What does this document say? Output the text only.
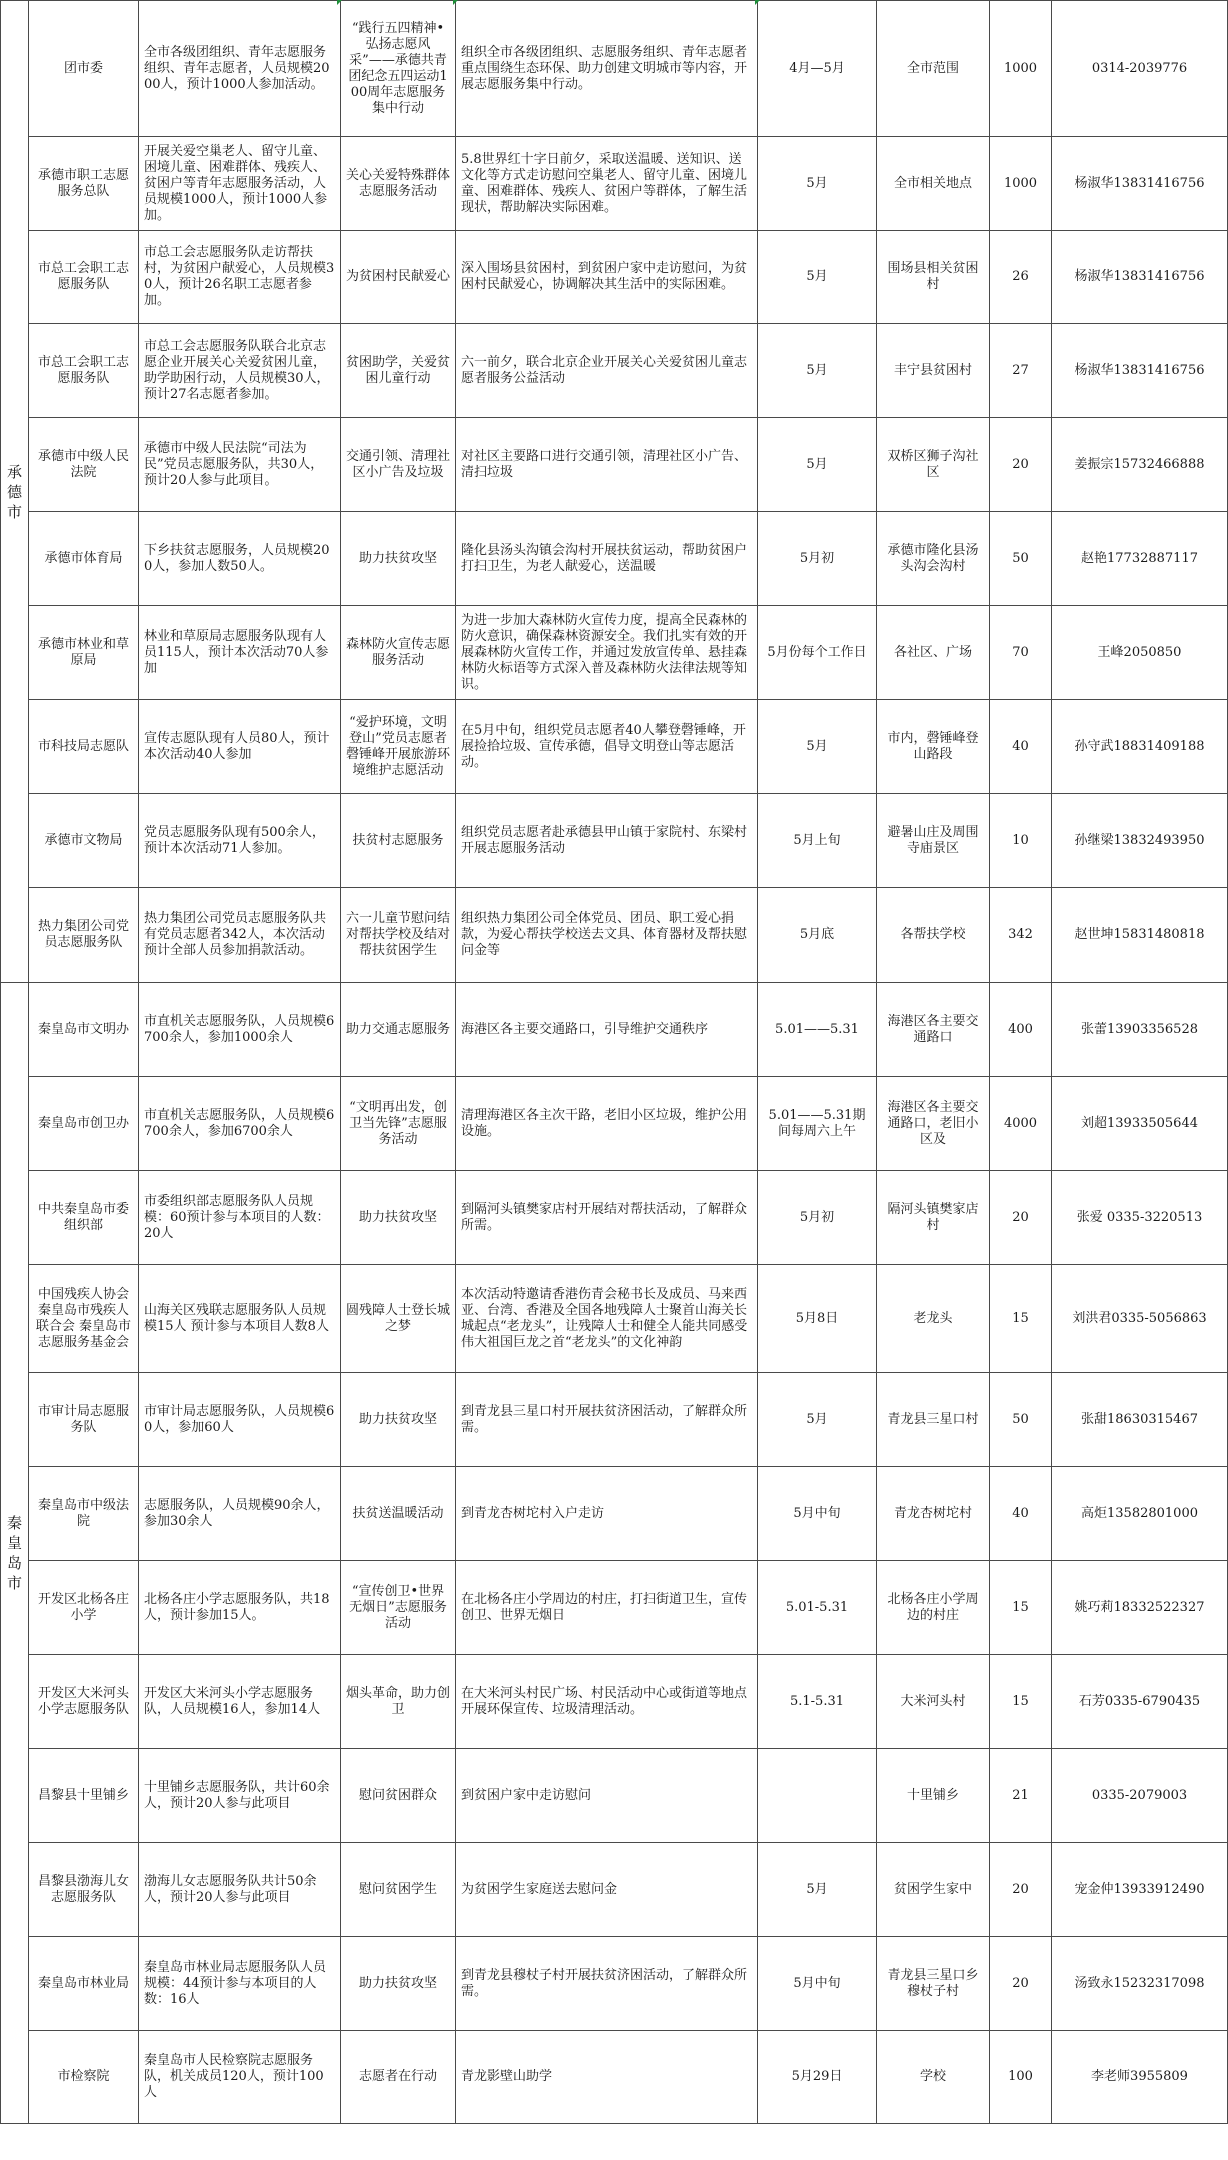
承德市	团市委	全市各级团组织、青年志愿服务组织、青年志愿者，人员规模2000人，预计1000人参加活动。	“践行五四精神•弘扬志愿风采”——承德共青团纪念五四运动100周年志愿服务集中行动	组织全市各级团组织、志愿服务组织、青年志愿者重点围绕生态环保、助力创建文明城市等内容，开展志愿服务集中行动。	4月—5月	全市范围	1000	0314-2039776

	承德市职工志愿服务总队	开展关爱空巢老人、留守儿童、困境儿童、困难群体、残疾人、贫困户等青年志愿服务活动，人员规模1000人，预计1000人参加。	关心关爱特殊群体志愿服务活动	5.8世界红十字日前夕，采取送温暖、送知识、送文化等方式走访慰问空巢老人、留守儿童、困境儿童、困难群体、残疾人、贫困户等群体，了解生活现状，帮助解决实际困难。	5月	全市相关地点	1000	杨淑华13831416756

	市总工会职工志愿服务队	市总工会志愿服务队走访帮扶村，为贫困户献爱心，人员规模30人，预计26名职工志愿者参加。	为贫困村民献爱心	深入围场县贫困村，到贫困户家中走访慰问，为贫困村民献爱心，协调解决其生活中的实际困难。	5月	围场县相关贫困村	26	杨淑华13831416756

	市总工会职工志愿服务队	市总工会志愿服务队联合北京志愿企业开展关心关爱贫困儿童，助学助困行动，人员规模30人，预计27名志愿者参加。	贫困助学，关爱贫困儿童行动	六一前夕，联合北京企业开展关心关爱贫困儿童志愿者服务公益活动	5月	丰宁县贫困村	27	杨淑华13831416756

	承德市中级人民法院	承德市中级人民法院“司法为民”党员志愿服务队，共30人，预计20人参与此项目。	交通引领、清理社区小广告及垃圾	对社区主要路口进行交通引领，清理社区小广告、清扫垃圾	5月	双桥区狮子沟社区	20	姜振宗15732466888

	承德市体育局	下乡扶贫志愿服务，人员规模200人，参加人数50人。	助力扶贫攻坚	隆化县汤头沟镇会沟村开展扶贫运动，帮助贫困户打扫卫生，为老人献爱心，送温暖	5月初	承德市隆化县汤头沟会沟村	50	赵艳17732887117

	承德市林业和草原局	林业和草原局志愿服务队现有人员115人，预计本次活动70人参加	森林防火宣传志愿服务活动	为进一步加大森林防火宣传力度，提高全民森林的防火意识，确保森林资源安全。我们扎实有效的开展森林防火宣传工作，并通过发放宣传单、悬挂森林防火标语等方式深入普及森林防火法律法规等知识。	5月份每个工作日	各社区、广场	70	王峰2050850

	市科技局志愿队	宣传志愿队现有人员80人，预计本次活动40人参加	“爱护环境，文明登山”党员志愿者磬锤峰开展旅游环境维护志愿活动	在5月中旬，组织党员志愿者40人攀登磬锤峰，开展捡拾垃圾、宣传承德，倡导文明登山等志愿活动。	5月	市内，磬锤峰登山路段	40	孙守武18831409188

	承德市文物局	党员志愿服务队现有500余人，预计本次活动71人参加。	扶贫村志愿服务	组织党员志愿者赴承德县甲山镇于家院村、东梁村开展志愿服务活动	5月上旬	避暑山庄及周围寺庙景区	10	孙继梁13832493950

	热力集团公司党员志愿服务队	热力集团公司党员志愿服务队共有党员志愿者342人，本次活动预计全部人员参加捐款活动。	六一儿童节慰问结对帮扶学校及结对帮扶贫困学生	组织热力集团公司全体党员、团员、职工爱心捐款，为爱心帮扶学校送去文具、体育器材及帮扶慰问金等	5月底	各帮扶学校	342	赵世坤15831480818

秦皇岛市	秦皇岛市文明办	市直机关志愿服务队，人员规模6700余人，参加1000余人	助力交通志愿服务	海港区各主要交通路口，引导维护交通秩序	5.01——5.31	海港区各主要交通路口	400	张蕾13903356528

	秦皇岛市创卫办	市直机关志愿服务队，人员规模6700余人，参加6700余人	“文明再出发，创卫当先锋”志愿服务活动	清理海港区各主次干路，老旧小区垃圾，维护公用设施。	5.01——5.31期间每周六上午	海港区各主要交通路口，老旧小区及	4000	刘超13933505644

	中共秦皇岛市委组织部	市委组织部志愿服务队人员规模：60预计参与本项目的人数：20人	助力扶贫攻坚	到隔河头镇樊家店村开展结对帮扶活动，了解群众所需。	5月初	隔河头镇樊家店村	20	张爱 0335-3220513

	中国残疾人协会 秦皇岛市残疾人联合会 秦皇岛市志愿服务基金会	山海关区残联志愿服务队人员规模15人 预计参与本项目人数8人	圆残障人士登长城之梦	本次活动特邀请香港伤青会秘书长及成员、马来西亚、台湾、香港及全国各地残障人士聚首山海关长城起点“老龙头”，让残障人士和健全人能共同感受伟大祖国巨龙之首“老龙头”的文化神韵	5月8日	老龙头	15	刘洪君0335-5056863

	市审计局志愿服务队	市审计局志愿服务队，人员规模60人，参加60人	助力扶贫攻坚	到青龙县三星口村开展扶贫济困活动，了解群众所需。	5月	青龙县三星口村	50	张甜18630315467

	秦皇岛市中级法院	志愿服务队，人员规模90余人，参加30余人	扶贫送温暖活动	到青龙杏树坨村入户走访	5月中旬	青龙杏树坨村	40	高炬13582801000

	开发区北杨各庄小学	北杨各庄小学志愿服务队，共18人，预计参加15人。	“宣传创卫•世界无烟日”志愿服务活动	在北杨各庄小学周边的村庄，打扫街道卫生，宣传创卫、世界无烟日	5.01-5.31	北杨各庄小学周边的村庄	15	姚巧莉18332522327

	开发区大米河头小学志愿服务队	开发区大米河头小学志愿服务队，人员规模16人，参加14人	烟头革命，助力创卫	在大米河头村民广场、村民活动中心或街道等地点开展环保宣传、垃圾清理活动。	5.1-5.31	大米河头村	15	石芳0335-6790435

	昌黎县十里铺乡	十里铺乡志愿服务队，共计60余人，预计20人参与此项目	慰问贫困群众	到贫困户家中走访慰问		十里铺乡	21	0335-2079003

	昌黎县渤海儿女志愿服务队	渤海儿女志愿服务队共计50余人，预计20人参与此项目	慰问贫困学生	为贫困学生家庭送去慰问金	5月	贫困学生家中	20	宠金仲13933912490

	秦皇岛市林业局	秦皇岛市林业局志愿服务队人员规模：44预计参与本项目的人数：16人	助力扶贫攻坚	到青龙县穆杖子村开展扶贫济困活动，了解群众所需。	5月中旬	青龙县三星口乡穆杖子村	20	汤致永15232317098

	市检察院	秦皇岛市人民检察院志愿服务队，机关成员120人，预计100人	志愿者在行动	青龙影壁山助学	5月29日	学校	100	李老师3955809
